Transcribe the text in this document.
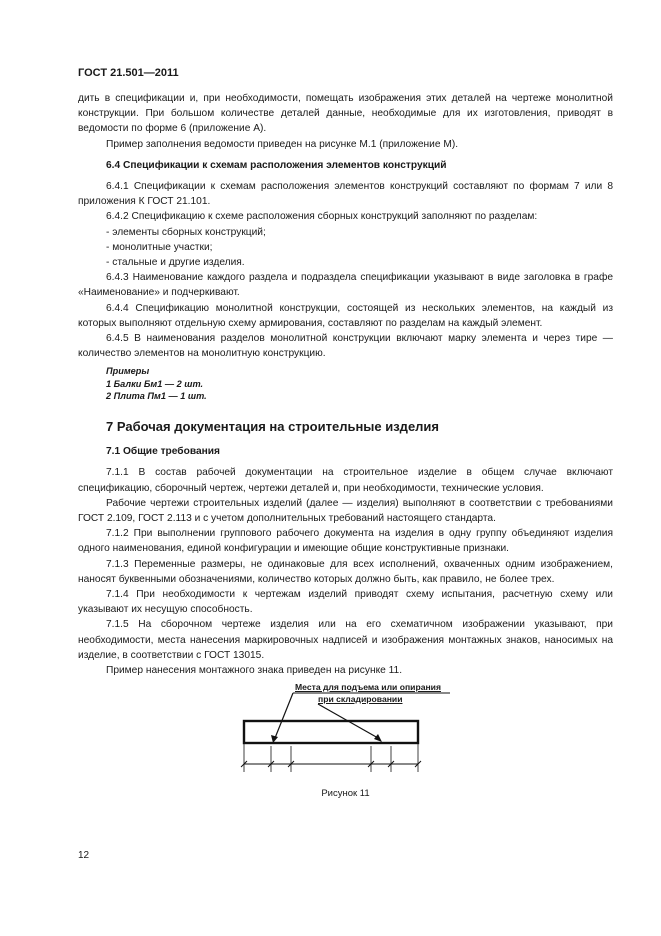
ГОСТ 21.501—2011

дить в спецификации и, при необходимости, помещать изображения этих деталей на чертеже монолитной конструкции. При большом количестве деталей данные, необходимые для их изготовления, приводят в ведомости по форме 6 (приложение А).

Пример заполнения ведомости приведен на рисунке М.1 (приложение М).

6.4 Спецификации к схемам расположения элементов конструкций

6.4.1 Спецификации к схемам расположения элементов конструкций составляют по формам 7 или 8 приложения К ГОСТ 21.101.

6.4.2 Спецификацию к схеме расположения сборных конструкций заполняют по разделам:

- элементы сборных конструкций;

- монолитные участки;

- стальные и другие изделия.

6.4.3 Наименование каждого раздела и подраздела спецификации указывают в виде заголовка в графе «Наименование» и подчеркивают.

6.4.4 Спецификацию монолитной конструкции, состоящей из нескольких элементов, на каждый из которых выполняют отдельную схему армирования, составляют по разделам на каждый элемент.

6.4.5 В наименования разделов монолитной конструкции включают марку элемента и через тире — количество элементов на монолитную конструкцию.

Примеры

1 Балки Бм1 — 2 шт.

2 Плита Пм1 — 1 шт.

7 Рабочая документация на строительные изделия

7.1 Общие требования

7.1.1 В состав рабочей документации на строительное изделие в общем случае включают спецификацию, сборочный чертеж, чертежи деталей и, при необходимости, технические условия.

Рабочие чертежи строительных изделий (далее — изделия) выполняют в соответствии с требованиями ГОСТ 2.109, ГОСТ 2.113 и с учетом дополнительных требований настоящего стандарта.

7.1.2 При выполнении группового рабочего документа на изделия в одну группу объединяют изделия одного наименования, единой конфигурации и имеющие общие конструктивные признаки.

7.1.3 Переменные размеры, не одинаковые для всех исполнений, охваченных одним изображением, наносят буквенными обозначениями, количество которых должно быть, как правило, не более трех.

7.1.4 При необходимости к чертежам изделий приводят схему испытания, расчетную схему или указывают их несущую способность.

7.1.5 На сборочном чертеже изделия или на его схематичном изображении указывают, при необходимости, места нанесения маркировочных надписей и изображения монтажных знаков, наносимых на изделие, в соответствии с ГОСТ 13015.

Пример нанесения монтажного знака приведен на рисунке 11.

Места для подъема или опирания
при складировании
Рисунок 11
12
